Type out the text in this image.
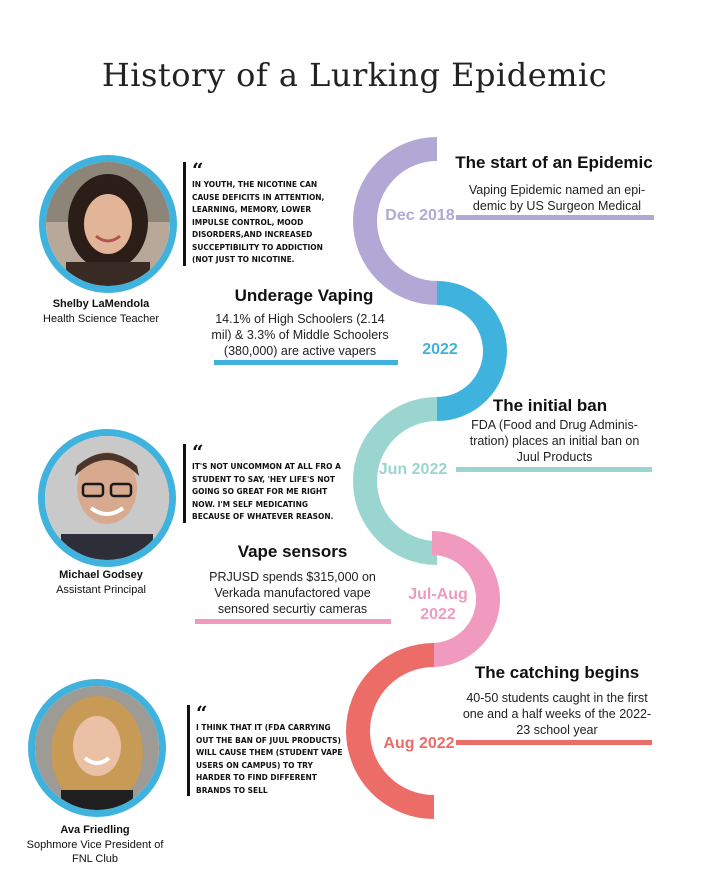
History of a Lurking Epidemic
Dec 2018
The start of an Epidemic
Vaping Epidemic named an epi-demic by US Surgeon Medical
2022
Underage Vaping
14.1% of High Schoolers (2.14 mil) & 3.3% of Middle Schoolers (380,000) are active vapers
Jun 2022
The initial ban
FDA (Food and Drug Adminis-tration) places an initial ban on Juul Products
Jul-Aug 2022
Vape sensors
PRJUSD spends $315,000 on Verkada manufactored vape sensored securtiy cameras
Aug 2022
The catching begins
40-50 students caught in the first one and a half weeks of the 2022-23 school year
Shelby LaMendola
Health Science Teacher
“
IN YOUTH, THE NICOTINE CAN CAUSE DEFICITS IN ATTENTION, LEARNING, MEMORY, LOWER IMPULSE CONTROL, MOOD DISORDERS,AND INCREASED SUCCEPTIBILITY TO ADDICTION (NOT JUST TO NICOTINE.
Michael Godsey
Assistant Principal
“
IT'S NOT UNCOMMON AT ALL FRO A STUDENT TO SAY, 'HEY LIFE'S NOT GOING SO GREAT FOR ME RIGHT NOW. I'M SELF MEDICATING BECAUSE OF WHATEVER REASON.
Ava Friedling
Sophmore Vice President of FNL Club
“
I THINK THAT IT (FDA CARRYING OUT THE BAN OF JUUL PRODUCTS) WILL CAUSE THEM (STUDENT VAPE USERS ON CAMPUS) TO TRY HARDER TO FIND DIFFERENT BRANDS TO SELL
